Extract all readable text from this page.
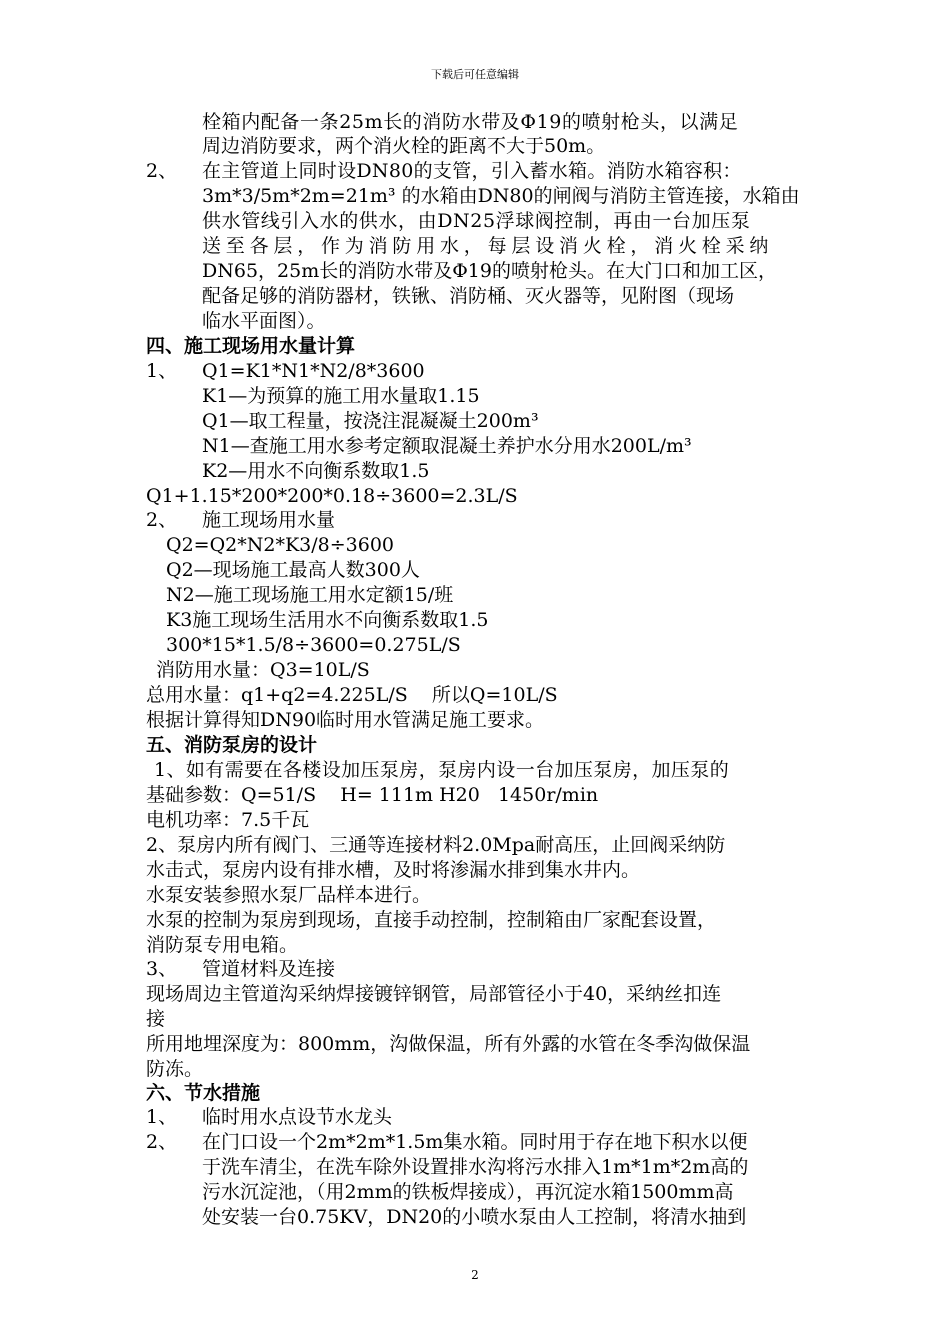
下载后可任意编辑
2、
1、
2、
3、
1、
2、
栓箱内配备一条25m长的消防水带及Φ19的喷射枪头，以满足
周边消防要求，两个消火栓的距离不大于50m。
在主管道上同时设DN80的支管，引入蓄水箱。消防水箱容积：
3m*3/5m*2m=21m³ 的水箱由DN80的闸阀与消防主管连接，水箱由
供水管线引入水的供水，由DN25浮球阀控制，再由一台加压泵
送至各层，作为消防用水，每层设消火栓，消火栓采纳
DN65，25m长的消防水带及Φ19的喷射枪头。在大门口和加工区，
配备足够的消防器材，铁锹、消防桶、灭火器等，见附图（现场
临水平面图）。
四、施工现场用水量计算
Q1=K1*N1*N2/8*3600
K1—为预算的施工用水量取1.15
Q1—取工程量，按浇注混凝凝土200m³
N1—查施工用水参考定额取混凝土养护水分用水200L/m³
K2—用水不向衡系数取1.5
Q1+1.15*200*200*0.18÷3600=2.3L/S
施工现场用水量
Q2=Q2*N2*K3/8÷3600
Q2—现场施工最高人数300人
N2—施工现场施工用水定额15/班
K3施工现场生活用水不向衡系数取1.5
300*15*1.5/8÷3600=0.275L/S
消防用水量：Q3=10L/S
总用水量：q1+q2=4.225L/S    所以Q=10L/S
根据计算得知DN90临时用水管满足施工要求。
五、消防泵房的设计
1、如有需要在各楼设加压泵房，泵房内设一台加压泵房，加压泵的
基础参数：Q=51/S    H= 111m H20   1450r/min
电机功率：7.5千瓦
2、泵房内所有阀门、三通等连接材料2.0Mpa耐高压，止回阀采纳防
水击式，泵房内设有排水槽，及时将渗漏水排到集水井内。
水泵安装参照水泵厂品样本进行。
水泵的控制为泵房到现场，直接手动控制，控制箱由厂家配套设置，
消防泵专用电箱。
管道材料及连接
现场周边主管道沟采纳焊接镀锌钢管，局部管径小于40，采纳丝扣连
接
所用地埋深度为：800mm，沟做保温，所有外露的水管在冬季沟做保温
防冻。
六、节水措施
临时用水点设节水龙头
在门口设一个2m*2m*1.5m集水箱。同时用于存在地下积水以便
于洗车清尘，在洗车除外设置排水沟将污水排入1m*1m*2m高的
污水沉淀池，（用2mm的铁板焊接成），再沉淀水箱1500mm高
处安装一台0.75KV，DN20的小喷水泵由人工控制，将清水抽到
2
